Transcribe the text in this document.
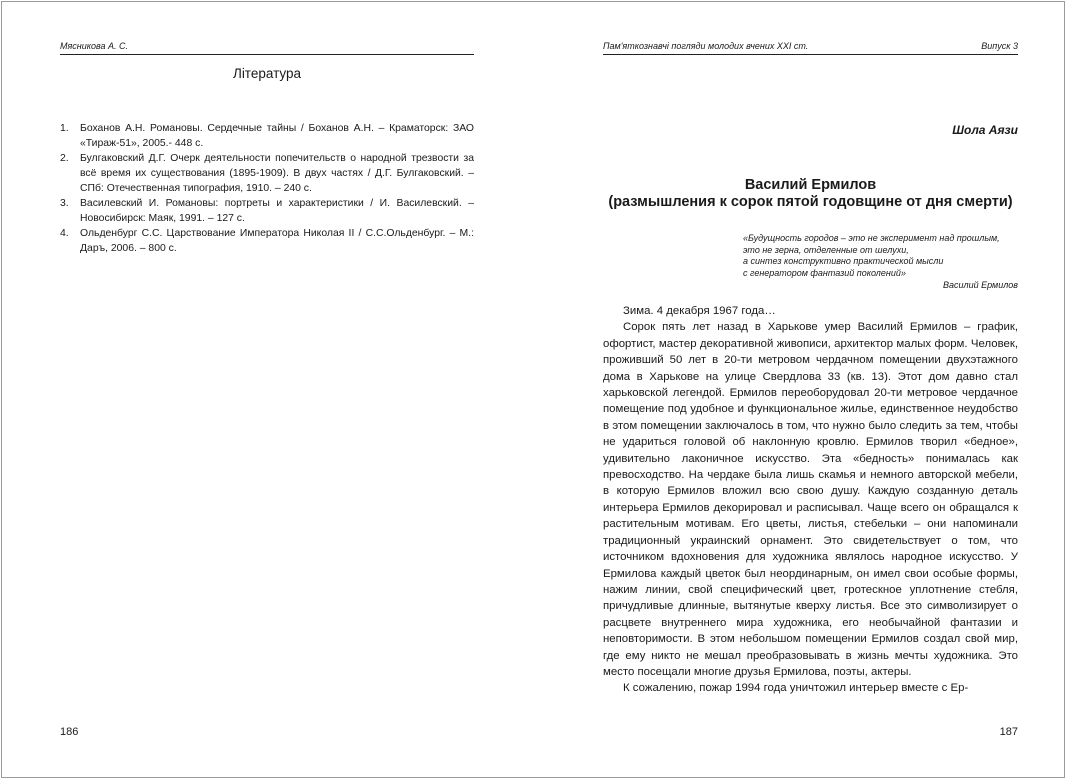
Мясникова А. С.
Література
1. Боханов А.Н. Романовы. Сердечные тайны / Боханов А.Н. – Краматорск: ЗАО «Тираж-51», 2005.- 448 с.
2. Булгаковский Д.Г. Очерк деятельности попечительств о народной трезвости за всё время их существования (1895-1909). В двух частях / Д.Г. Булгаковский. – СПб: Отечественная типография, 1910. – 240 с.
3. Василевский И. Романовы: портреты и характеристики / И. Василевский. – Новосибирск: Маяк, 1991. – 127 с.
4. Ольденбург С.С. Царствование Императора Николая II / С.С.Ольденбург. – М.: Даръ, 2006. – 800 с.
186
Пам'яткознавчі погляди молодих вчених XXI ст.	Випуск 3
Шола Аязи
Василий Ермилов
(размышления к сорок пятой годовщине от дня смерти)
«Будущность городов – это не эксперимент над прошлым,
это не зерна, отделенные от шелухи,
а синтез конструктивно практической мысли
с генератором фантазий поколений»
Василий Ермилов

Зима. 4 декабря 1967 года…

Сорок пять лет назад в Харькове умер Василий Ермилов – график, офортист, мастер декоративной живописи, архитектор малых форм. Человек, проживший 50 лет в 20-ти метровом чердачном помещении двухэтажного дома в Харькове на улице Свердлова 33 (кв. 13). Этот дом давно стал харьковской легендой. Ермилов переоборудовал 20-ти метровое чердачное помещение под удобное и функциональное жилье, единственное неудобство в этом помещении заключалось в том, что нужно было следить за тем, чтобы не удариться головой об наклонную кровлю. Ермилов творил «бедное», удивительно лаконичное искусство. Эта «бедность» понималась как превосходство. На чердаке была лишь скамья и немного авторской мебели, в которую Ермилов вложил всю свою душу. Каждую созданную деталь интерьера Ермилов декорировал и расписывал. Чаще всего он обращался к растительным мотивам. Его цветы, листья, стебельки – они напоминали традиционный украинский орнамент. Это свидетельствует о том, что источником вдохновения для художника являлось народное искусство. У Ермилова каждый цветок был неординарным, он имел свои особые формы, нажим линии, свой специфический цвет, гротескное уплотнение стебля, причудливые длинные, вытянутые кверху листья. Все это символизирует о расцвете внутреннего мира художника, его необычайной фантазии и неповторимости. В этом небольшом помещении Ермилов создал свой мир, где ему никто не мешал преобразовывать в жизнь мечты художника. Это место посещали многие друзья Ермилова, поэты, актеры.

К сожалению, пожар 1994 года уничтожил интерьер вместе с Ер-

187
